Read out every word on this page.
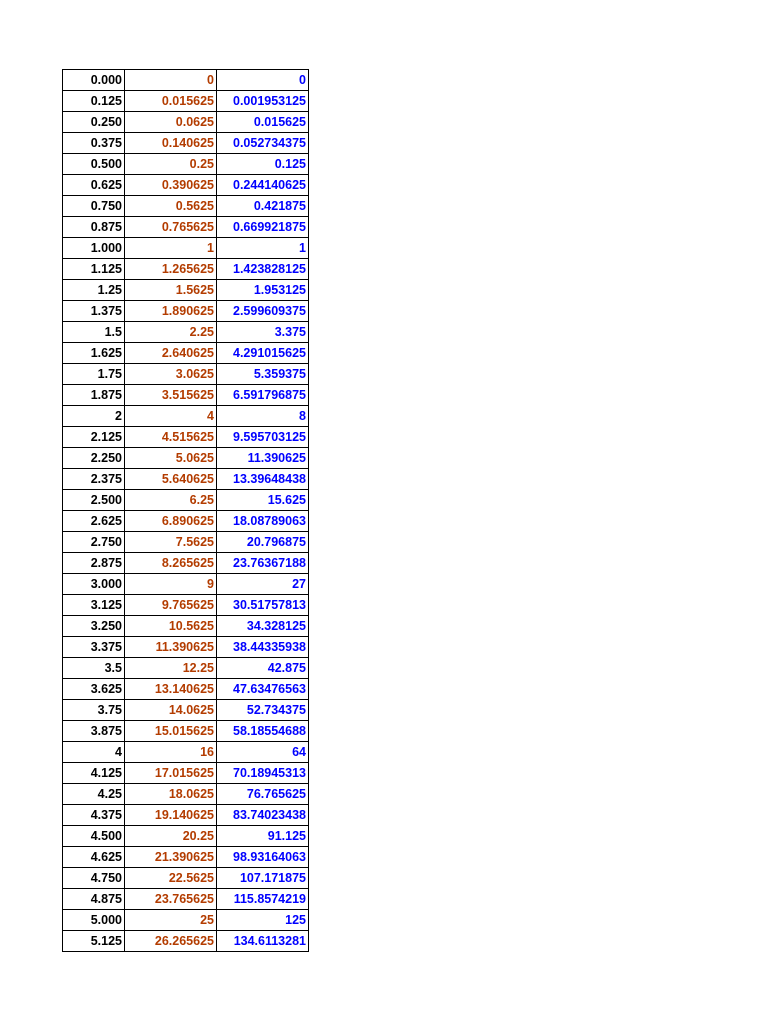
0.000	0	0
0.125	0.015625	0.001953125
0.250	0.0625	0.015625
0.375	0.140625	0.052734375
0.500	0.25	0.125
0.625	0.390625	0.244140625
0.750	0.5625	0.421875
0.875	0.765625	0.669921875
1.000	1	1
1.125	1.265625	1.423828125
1.25	1.5625	1.953125
1.375	1.890625	2.599609375
1.5	2.25	3.375
1.625	2.640625	4.291015625
1.75	3.0625	5.359375
1.875	3.515625	6.591796875
2	4	8
2.125	4.515625	9.595703125
2.250	5.0625	11.390625
2.375	5.640625	13.39648438
2.500	6.25	15.625
2.625	6.890625	18.08789063
2.750	7.5625	20.796875
2.875	8.265625	23.76367188
3.000	9	27
3.125	9.765625	30.51757813
3.250	10.5625	34.328125
3.375	11.390625	38.44335938
3.5	12.25	42.875
3.625	13.140625	47.63476563
3.75	14.0625	52.734375
3.875	15.015625	58.18554688
4	16	64
4.125	17.015625	70.18945313
4.25	18.0625	76.765625
4.375	19.140625	83.74023438
4.500	20.25	91.125
4.625	21.390625	98.93164063
4.750	22.5625	107.171875
4.875	23.765625	115.8574219
5.000	25	125
5.125	26.265625	134.6113281
